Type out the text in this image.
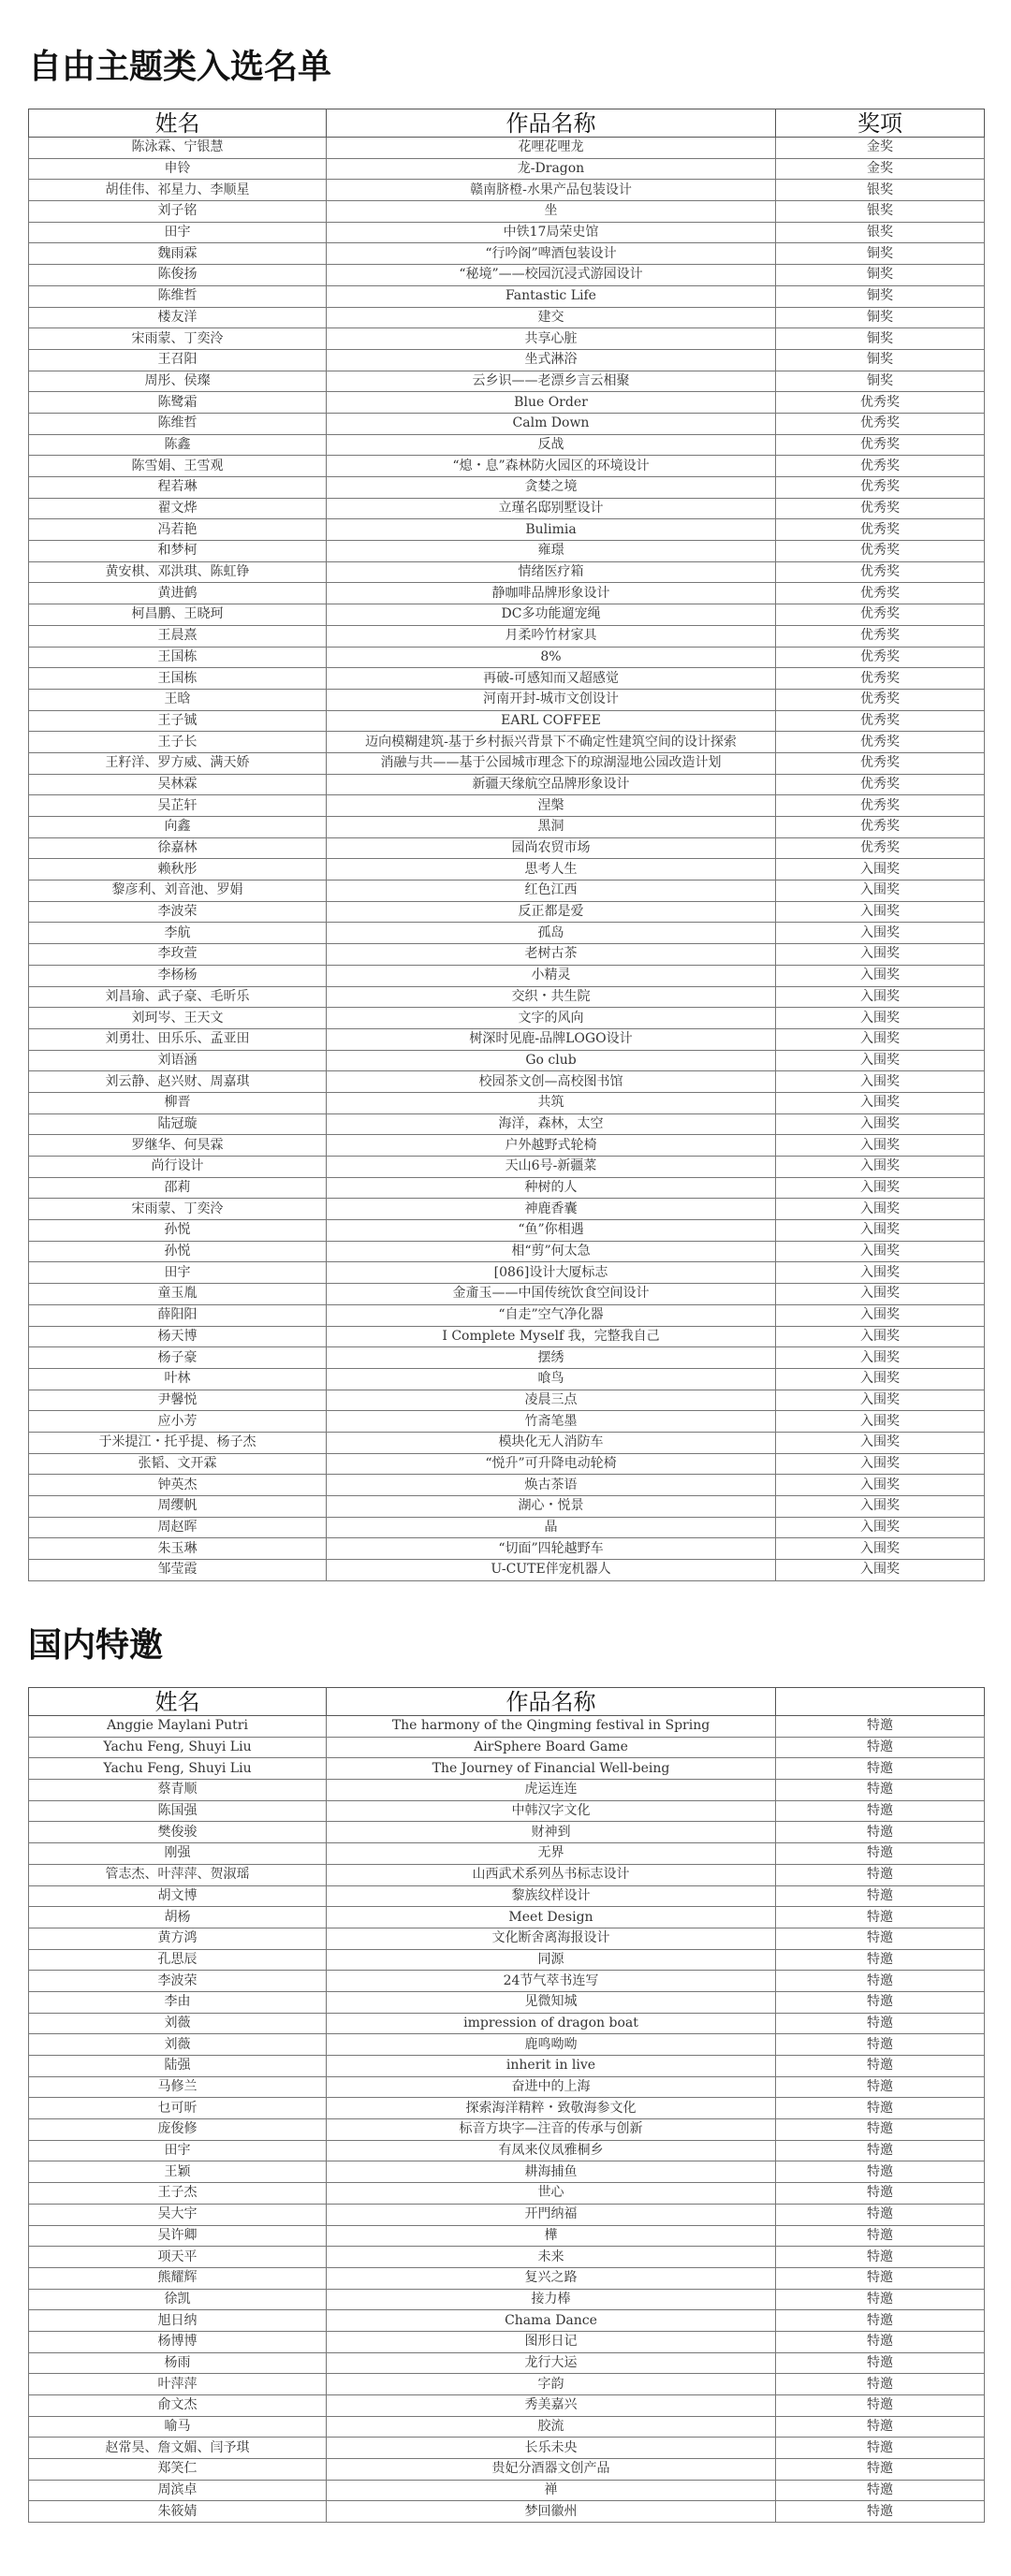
自由主题类入选名单
姓名	作品名称	奖项
陈泳霖、宁银慧	花哩花哩龙	金奖
申铃	龙-Dragon	金奖
胡佳伟、祁星力、李顺星	赣南脐橙-水果产品包装设计	银奖
刘子铭	坐	银奖
田宇	中铁17局荣史馆	银奖
魏雨霖	“行吟阁”啤酒包装设计	铜奖
陈俊扬	“秘境”——校园沉浸式游园设计	铜奖
陈维哲	Fantastic Life	铜奖
楼友洋	建交	铜奖
宋雨蒙、丁奕泠	共享心脏	铜奖
王召阳	坐式淋浴	铜奖
周彤、侯璨	云乡识——老漂乡言云相聚	铜奖
陈鹭霜	Blue Order	优秀奖
陈维哲	Calm Down	优秀奖
陈鑫	反战	优秀奖
陈雪娟、王雪观	“熄・息”森林防火园区的环境设计	优秀奖
程若琳	贪婪之境	优秀奖
翟文烨	立瑾名邸别墅设计	优秀奖
冯若艳	Bulimia	优秀奖
和梦柯	雍璟	优秀奖
黄安棋、邓洪琪、陈虹铮	情绪医疗箱	优秀奖
黄进鹤	静咖啡品牌形象设计	优秀奖
柯昌鹏、王晓珂	DC多功能遛宠绳	优秀奖
王晨熹	月柔吟竹材家具	优秀奖
王国栋	8%	优秀奖
王国栋	再破-可感知而又超感觉	优秀奖
王晗	河南开封-城市文创设计	优秀奖
王子铖	EARL COFFEE	优秀奖
王子长	迈向模糊建筑-基于乡村振兴背景下不确定性建筑空间的设计探索	优秀奖
王籽洋、罗方威、满天娇	消融与共——基于公园城市理念下的琼湖湿地公园改造计划	优秀奖
吴林霖	新疆天缘航空品牌形象设计	优秀奖
吴芷轩	涅槃	优秀奖
向鑫	黑洞	优秀奖
徐嘉林	园尚农贸市场	优秀奖
赖秋彤	思考人生	入围奖
黎彦利、刘音池、罗娟	红色江西	入围奖
李波荣	反正都是爱	入围奖
李航	孤岛	入围奖
李玫萱	老树古茶	入围奖
李杨杨	小精灵	入围奖
刘昌瑜、武子豪、毛昕乐	交织・共生院	入围奖
刘珂岑、王天文	文字的风向	入围奖
刘勇壮、田乐乐、孟亚田	树深时见鹿-品牌LOGO设计	入围奖
刘语涵	Go club	入围奖
刘云静、赵兴财、周嘉琪	校园茶文创—高校图书馆	入围奖
柳晋	共筑	入围奖
陆冠璇	海洋，森林，太空	入围奖
罗继华、何昊霖	户外越野式轮椅	入围奖
尚行设计	天山6号-新疆菜	入围奖
邵莉	种树的人	入围奖
宋雨蒙、丁奕泠	神鹿香囊	入围奖
孙悦	“鱼”你相遇	入围奖
孙悦	相“剪”何太急	入围奖
田宇	[086]设计大厦标志	入围奖
童玉胤	金齑玉——中国传统饮食空间设计	入围奖
薛阳阳	“自走”空气净化器	入围奖
杨天博	I Complete Myself 我，完整我自己	入围奖
杨子豪	摆绣	入围奖
叶林	喰鸟	入围奖
尹馨悦	凌晨三点	入围奖
应小芳	竹斋笔墨	入围奖
于米提江・托乎提、杨子杰	模块化无人消防车	入围奖
张韬、文开霖	“悦升”可升降电动轮椅	入围奖
钟英杰	焕古茶语	入围奖
周缨帆	湖心・悦景	入围奖
周赵晖	晶	入围奖
朱玉琳	“切面”四轮越野车	入围奖
邹莹霞	U-CUTE伴宠机器人	入围奖
国内特邀
姓名	作品名称	
Anggie Maylani Putri	The harmony of the Qingming festival in Spring	特邀
Yachu Feng, Shuyi Liu	AirSphere Board Game	特邀
Yachu Feng, Shuyi Liu	The Journey of Financial Well-being	特邀
蔡青顺	虎运连连	特邀
陈国强	中韩汉字文化	特邀
樊俊骏	财神到	特邀
刚强	无界	特邀
管志杰、叶萍萍、贺淑瑶	山西武术系列丛书标志设计	特邀
胡文博	黎族纹样设计	特邀
胡杨	Meet Design	特邀
黄方鸿	文化断舍离海报设计	特邀
孔思辰	同源	特邀
李波荣	24节气萃书连写	特邀
李由	见微知城	特邀
刘薇	impression of dragon boat	特邀
刘薇	鹿鸣呦呦	特邀
陆强	inherit in live	特邀
马修兰	奋进中的上海	特邀
乜可昕	探索海洋精粹・致敬海参文化	特邀
庞俊修	标音方块字—注音的传承与创新	特邀
田宇	有凤来仪凤雅桐乡	特邀
王颖	耕海捕鱼	特邀
王子杰	世心	特邀
吴大宇	开門纳福	特邀
吴许卿	樺	特邀
项天平	未来	特邀
熊耀辉	复兴之路	特邀
徐凯	接力棒	特邀
旭日纳	Chama Dance	特邀
杨博博	图形日记	特邀
杨雨	龙行大运	特邀
叶萍萍	字韵	特邀
俞文杰	秀美嘉兴	特邀
喻马	胶流	特邀
赵常昊、詹文媚、闫予琪	长乐未央	特邀
郑笑仁	贵妃分酒器文创产品	特邀
周滨卓	禅	特邀
朱筱婧	梦回徽州	特邀
